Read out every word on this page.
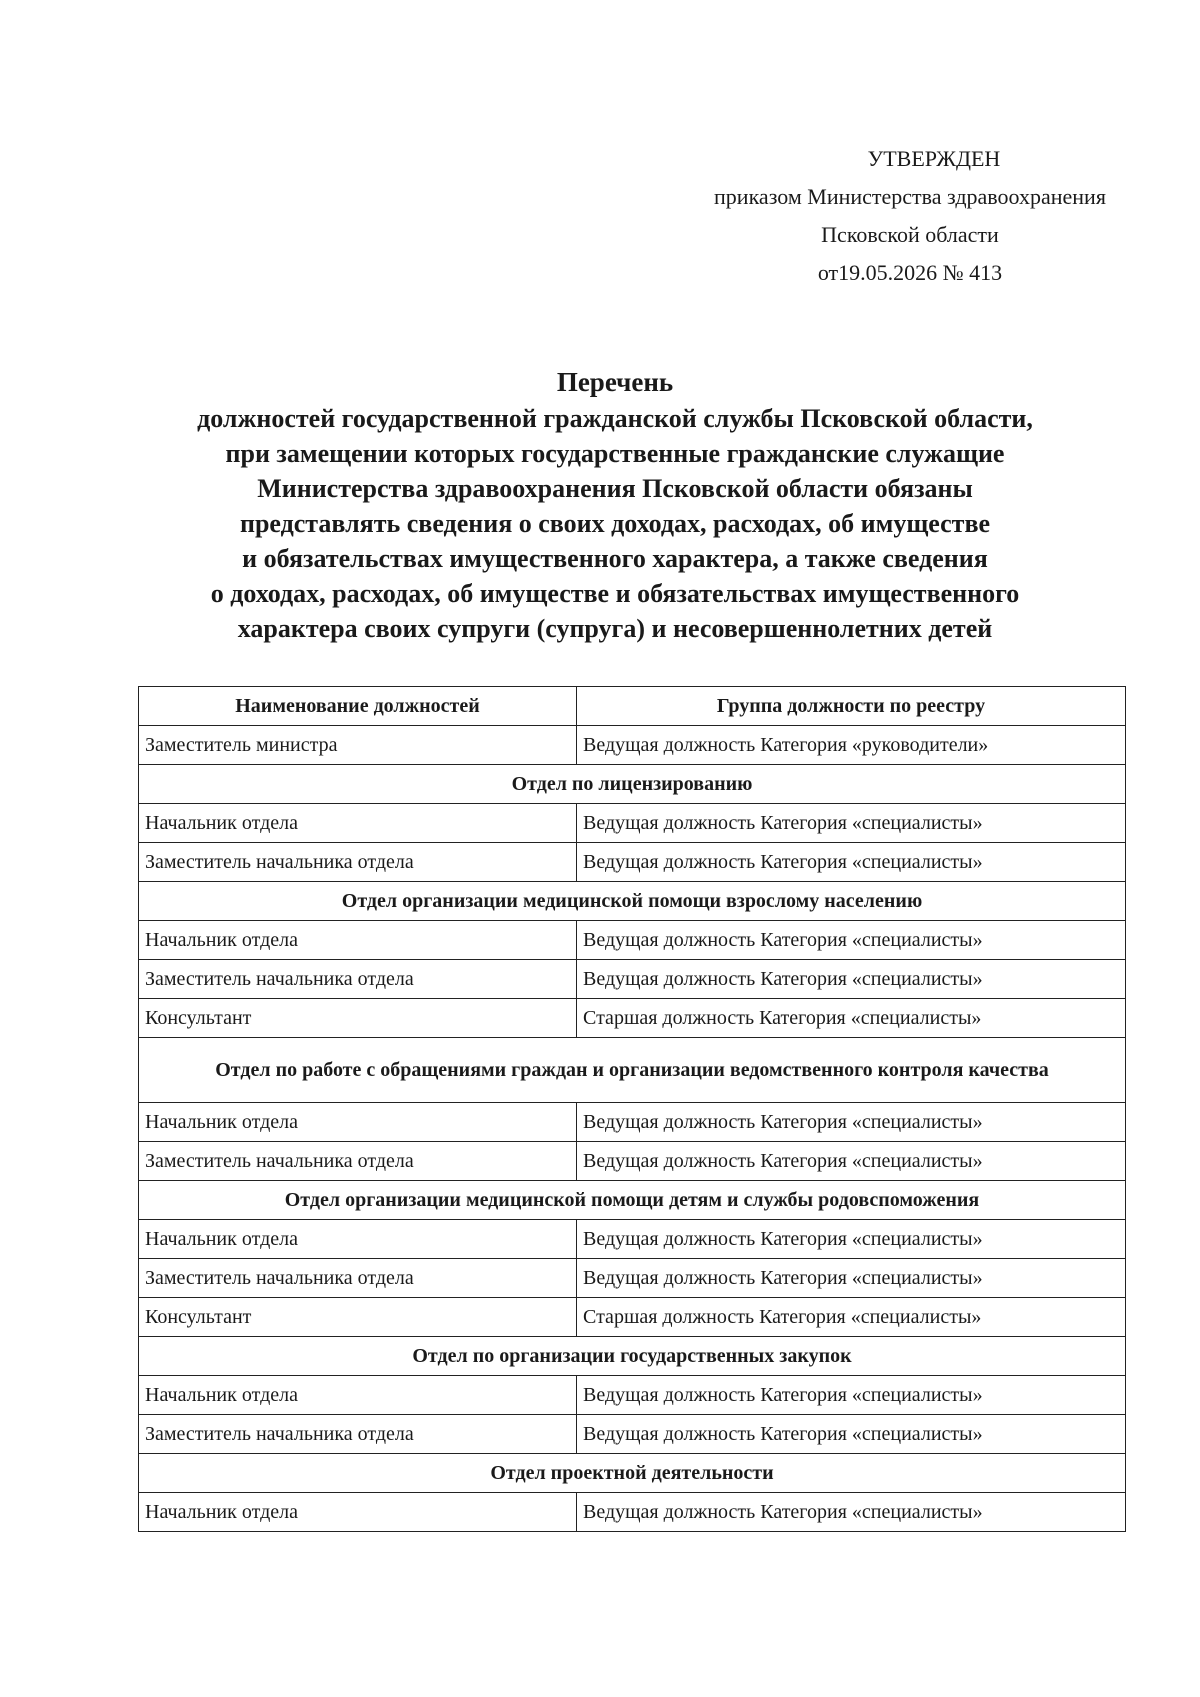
УТВЕРЖДЕН
приказом Министерства здравоохранения
Псковской области
от19.05.2026 № 413
Перечень
должностей государственной гражданской службы Псковской области,
при замещении которых государственные гражданские служащие
Министерства здравоохранения Псковской области обязаны
представлять сведения о своих доходах, расходах, об имуществе
и обязательствах имущественного характера, а также сведения
о доходах, расходах, об имуществе и обязательствах имущественного
характера своих супруги (супруга) и несовершеннолетних детей
Наименование должностей	Группа должности по реестру
Заместитель министра	Ведущая должность Категория «руководители»
Отдел по лицензированию	
Начальник отдела	Ведущая должность Категория «специалисты»
Заместитель начальника отдела	Ведущая должность Категория «специалисты»
Отдел организации медицинской помощи взрослому населению	
Начальник отдела	Ведущая должность Категория «специалисты»
Заместитель начальника отдела	Ведущая должность Категория «специалисты»
Консультант	Старшая должность Категория «специалисты»
Отдел по работе с обращениями граждан и организации ведомственного контроля качества	
Начальник отдела	Ведущая должность Категория «специалисты»
Заместитель начальника отдела	Ведущая должность Категория «специалисты»
Отдел организации медицинской помощи детям и службы родовспоможения	
Начальник отдела	Ведущая должность Категория «специалисты»
Заместитель начальника отдела	Ведущая должность Категория «специалисты»
Консультант	Старшая должность Категория «специалисты»
Отдел по организации государственных закупок	
Начальник отдела	Ведущая должность Категория «специалисты»
Заместитель начальника отдела	Ведущая должность Категория «специалисты»
Отдел проектной деятельности	
Начальник отдела	Ведущая должность Категория «специалисты»
